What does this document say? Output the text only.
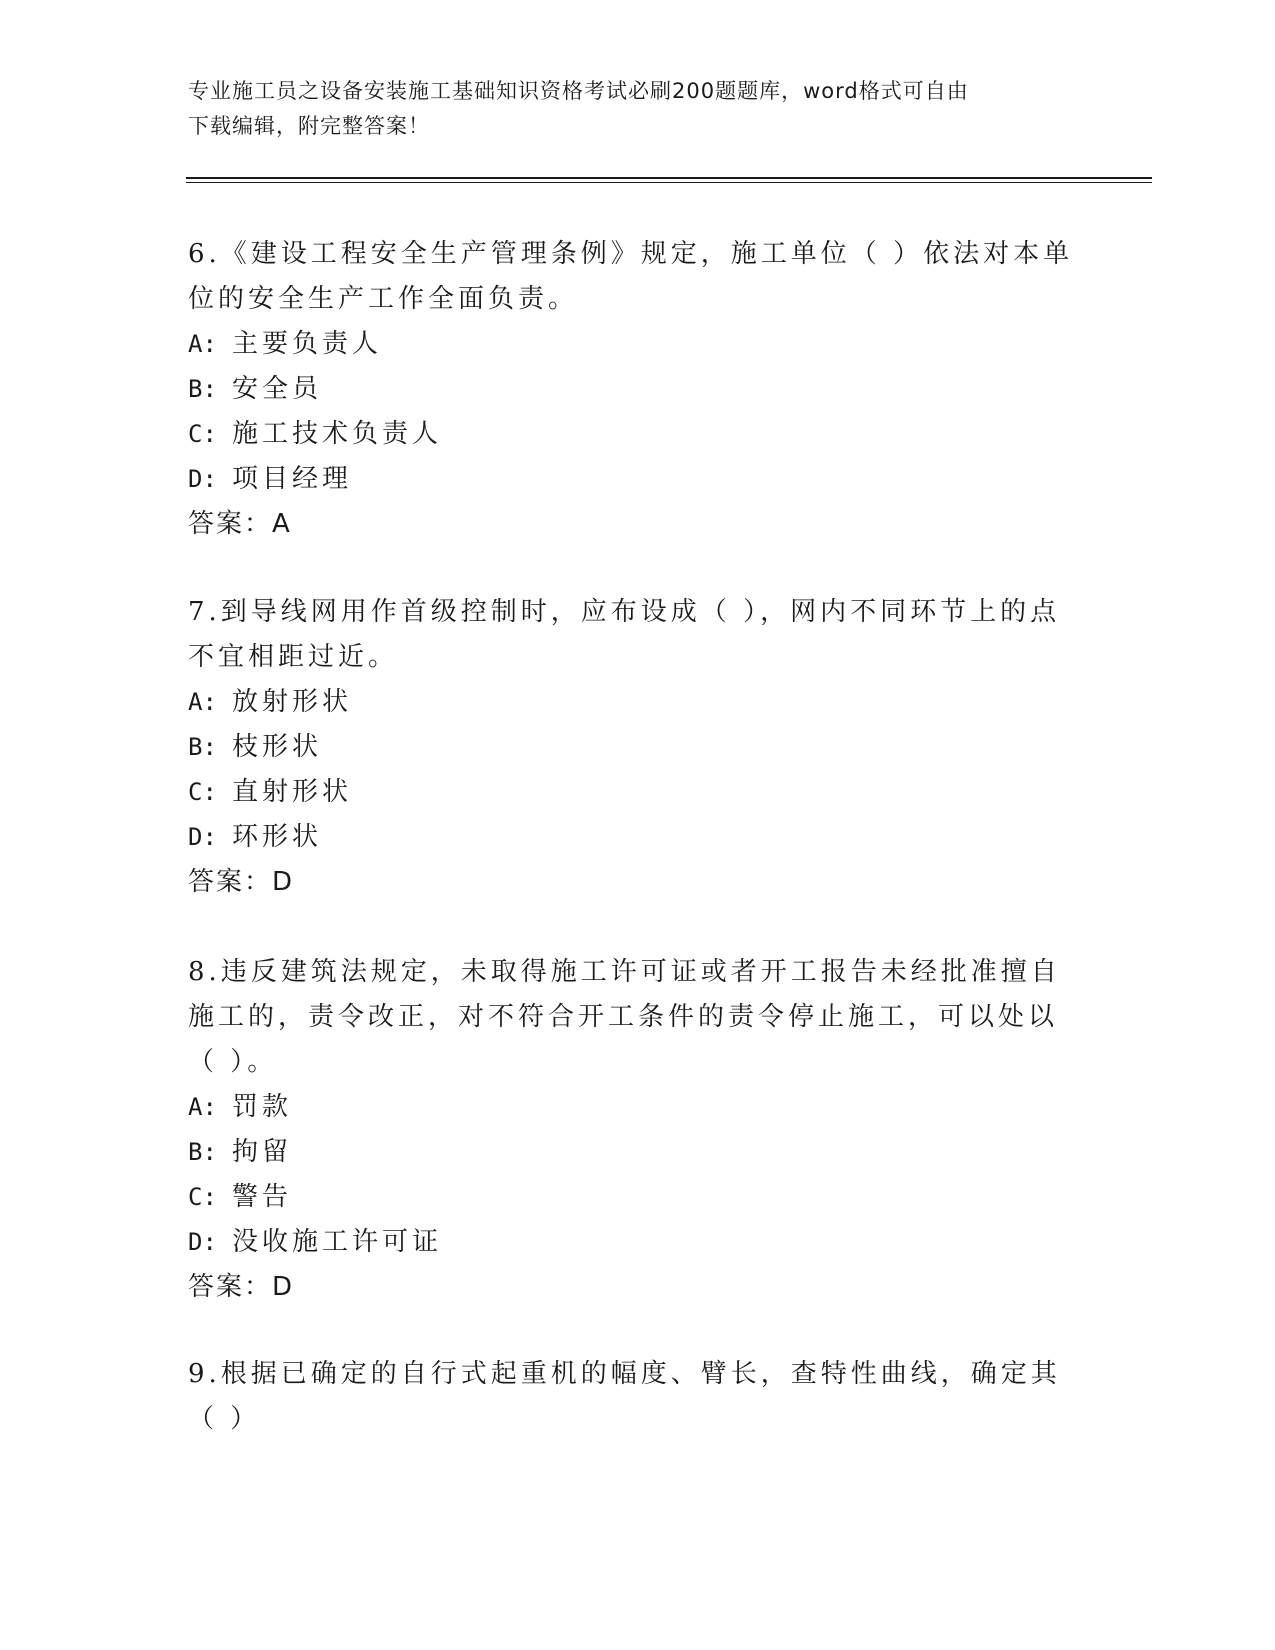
专业施工员之设备安装施工基础知识资格考试必刷200题题库，word格式可自由
下载编辑，附完整答案！
6.《建设工程安全生产管理条例》规定，施工单位（ ）依法对本单位的安全生产工作全面负责。
A: 主要负责人
B: 安全员
C: 施工技术负责人
D: 项目经理
答案：A
7.到导线网用作首级控制时，应布设成（ ），网内不同环节上的点不宜相距过近。
A: 放射形状
B: 枝形状
C: 直射形状
D: 环形状
答案：D
8.违反建筑法规定，未取得施工许可证或者开工报告未经批准擅自施工的，责令改正，对不符合开工条件的责令停止施工，可以处以（ ）。
A: 罚款
B: 拘留
C: 警告
D: 没收施工许可证
答案：D
9.根据已确定的自行式起重机的幅度、臂长，查特性曲线，确定其（ ）
